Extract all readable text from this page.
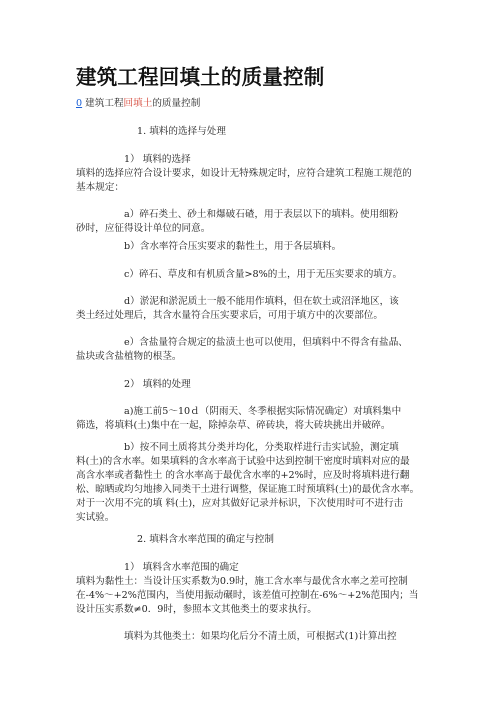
建筑工程回填土的质量控制
0 建筑工程回填土的质量控制
1. 填料的选择与处理
1） 填料的选择
填料的选择应符合设计要求，如设计无特殊规定时，应符合建筑工程施工规范的
基本规定：
a）碎石类土、砂土和爆破石碴，用于表层以下的填料。使用细粉
砂时，应征得设计单位的同意。
b）含水率符合压实要求的黏性土，用于各层填料。
c）碎石、草皮和有机质含量>8%的土，用于无压实要求的填方。
d）淤泥和淤泥质土一般不能用作填料，但在软土或沼泽地区，该
类土经过处理后，其含水量符合压实要求后，可用于填方中的次要部位。
e）含盐量符合规定的盐渍土也可以使用，但填料中不得含有盐晶、
盐块或含盐植物的根茎。
2） 填料的处理
a)施工前5～10ｄ（阴雨天、冬季根据实际情况确定）对填料集中
筛选，将填料(土)集中在一起，除掉杂草、碎砖块，将大砖块挑出并破碎。
b）按不同土质将其分类并均化，分类取样进行击实试验，测定填
料(土)的含水率。如果填料的含水率高于试验中达到控制干密度时填料对应的最
高含水率或者黏性土 的含水率高于最优含水率的+2%时，应及时将填料进行翻
松、晾晒或均匀地掺入同类干土进行调整，保证施工时预填料(土)的最优含水率。
对于一次用不完的填 料(土)，应对其做好记录并标识，下次使用时可不进行击
实试验。
2. 填料含水率范围的确定与控制
1） 填料含水率范围的确定
填料为黏性土：当设计压实系数为0.9时，施工含水率与最优含水率之差可控制
在-4%～+2%范围内，当使用振动碾时，该差值可控制在-6%～+2%范围内；当
设计压实系数≠0．9时，参照本文其他类土的要求执行。
填料为其他类土：如果均化后分不清土质，可根据式(1)计算出控
